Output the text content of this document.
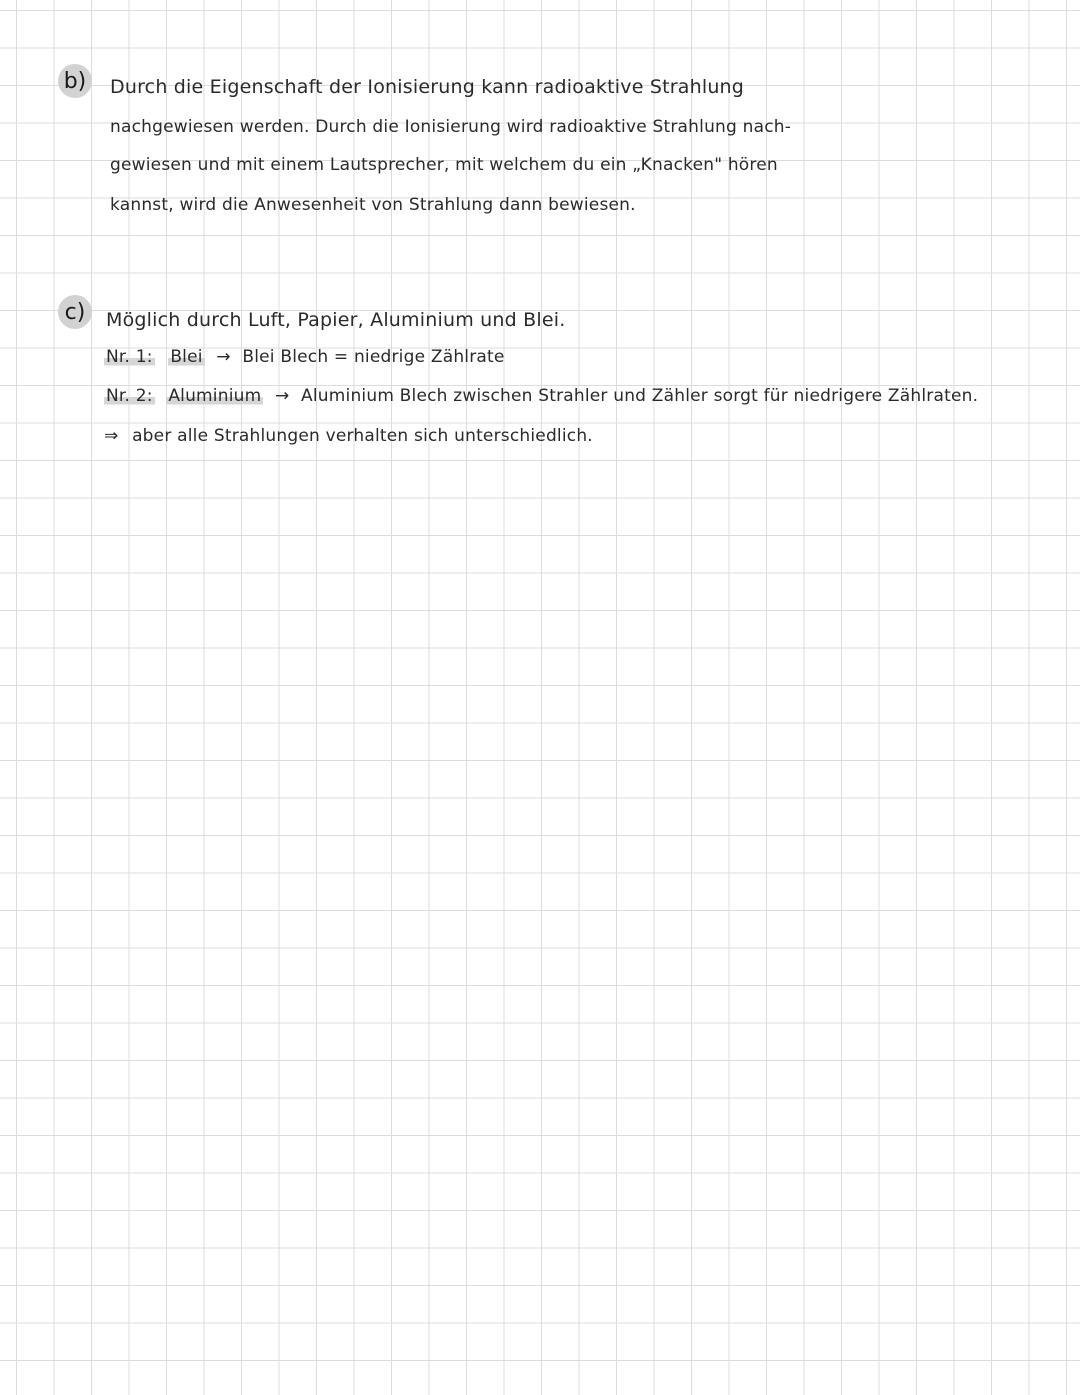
b) Durch die Eigenschaft der Ionisierung kann radioaktive Strahlung
nachgewiesen werden. Durch die Ionisierung wird radioaktive Strahlung nach-
gewiesen und mit einem Lautsprecher, mit welchem du ein „Knacken" hören
kannst, wird die Anwesenheit von Strahlung dann bewiesen.
c) Möglich durch Luft, Papier, Aluminium und Blei.
Nr. 1: Blei → Blei Blech = niedrige Zählrate
Nr. 2: Aluminium → Aluminium Blech zwischen Strahler und Zähler sorgt für niedrigere Zählraten.
⇒ aber alle Strahlungen verhalten sich unterschiedlich.
